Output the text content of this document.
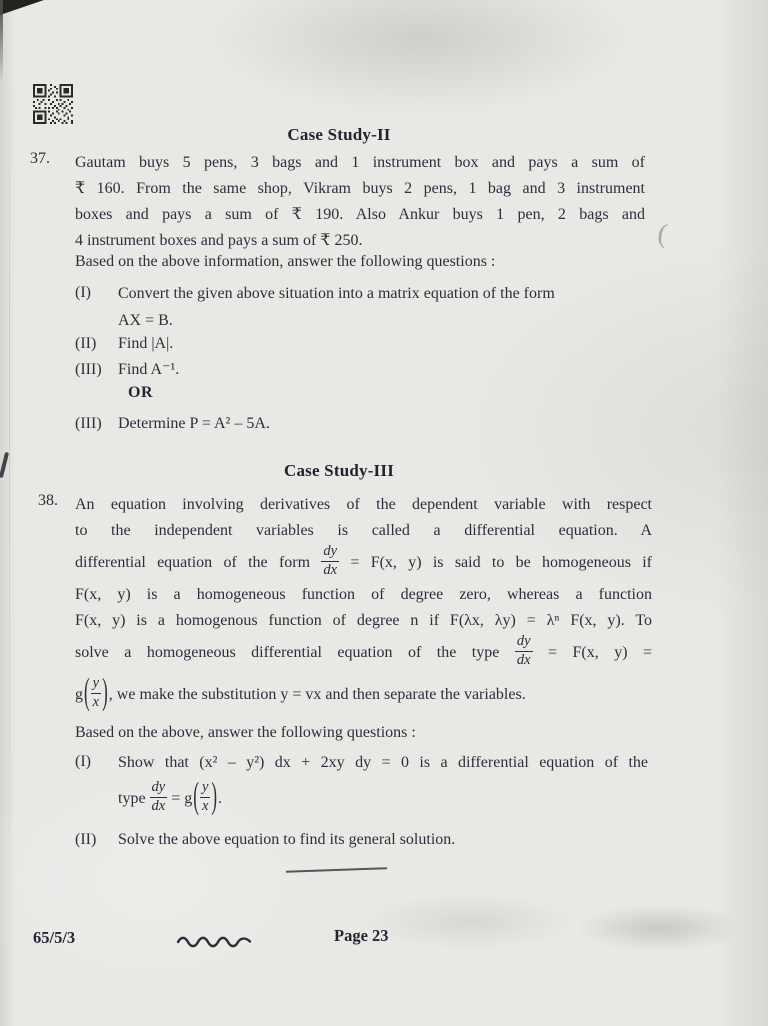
(
Case Study-II
37.	Gautam buys 5 pens, 3 bags and 1 instrument box and pays a sum of
₹ 160. From the same shop, Vikram buys 2 pens, 1 bag and 3 instrument
boxes and pays a sum of ₹ 190. Also Ankur buys 1 pen, 2 bags and
4 instrument boxes and pays a sum of ₹ 250.
Based on the above information, answer the following questions :
(I)	Convert the given above situation into a matrix equation of the form
AX = B.
(II)	Find |A|.
(III)	Find A⁻¹.
OR
(III)	Determine P = A² – 5A.
Case Study-III
38.	An equation involving derivatives of the dependent variable with respect
to the independent variables is called a differential equation. A
differential equation of the form $\frac{dy}{dx} = F(x$, y) is said to be homogeneous if
F(x, y) is a homogeneous function of degree zero, whereas a function
F(x, y) is a homogenous function of degree n if F(λx, λy) = λⁿ F(x, y). To
solve a homogeneous differential equation of the type $\frac{dy}{dx} = F(x$, y) =
$g( \frac{y}{x}$ ), we make the substitution y = vx and then separate the variables.
Based on the above, answer the following questions :
(I)	Show that (x² – y²) dx + 2xy dy = 0 is a differential equation of the
type $\frac{dy}{dx} = g( \frac{y}{x}$ ).
(II)	Solve the above equation to find its general solution.
65/5/3	Page 23
